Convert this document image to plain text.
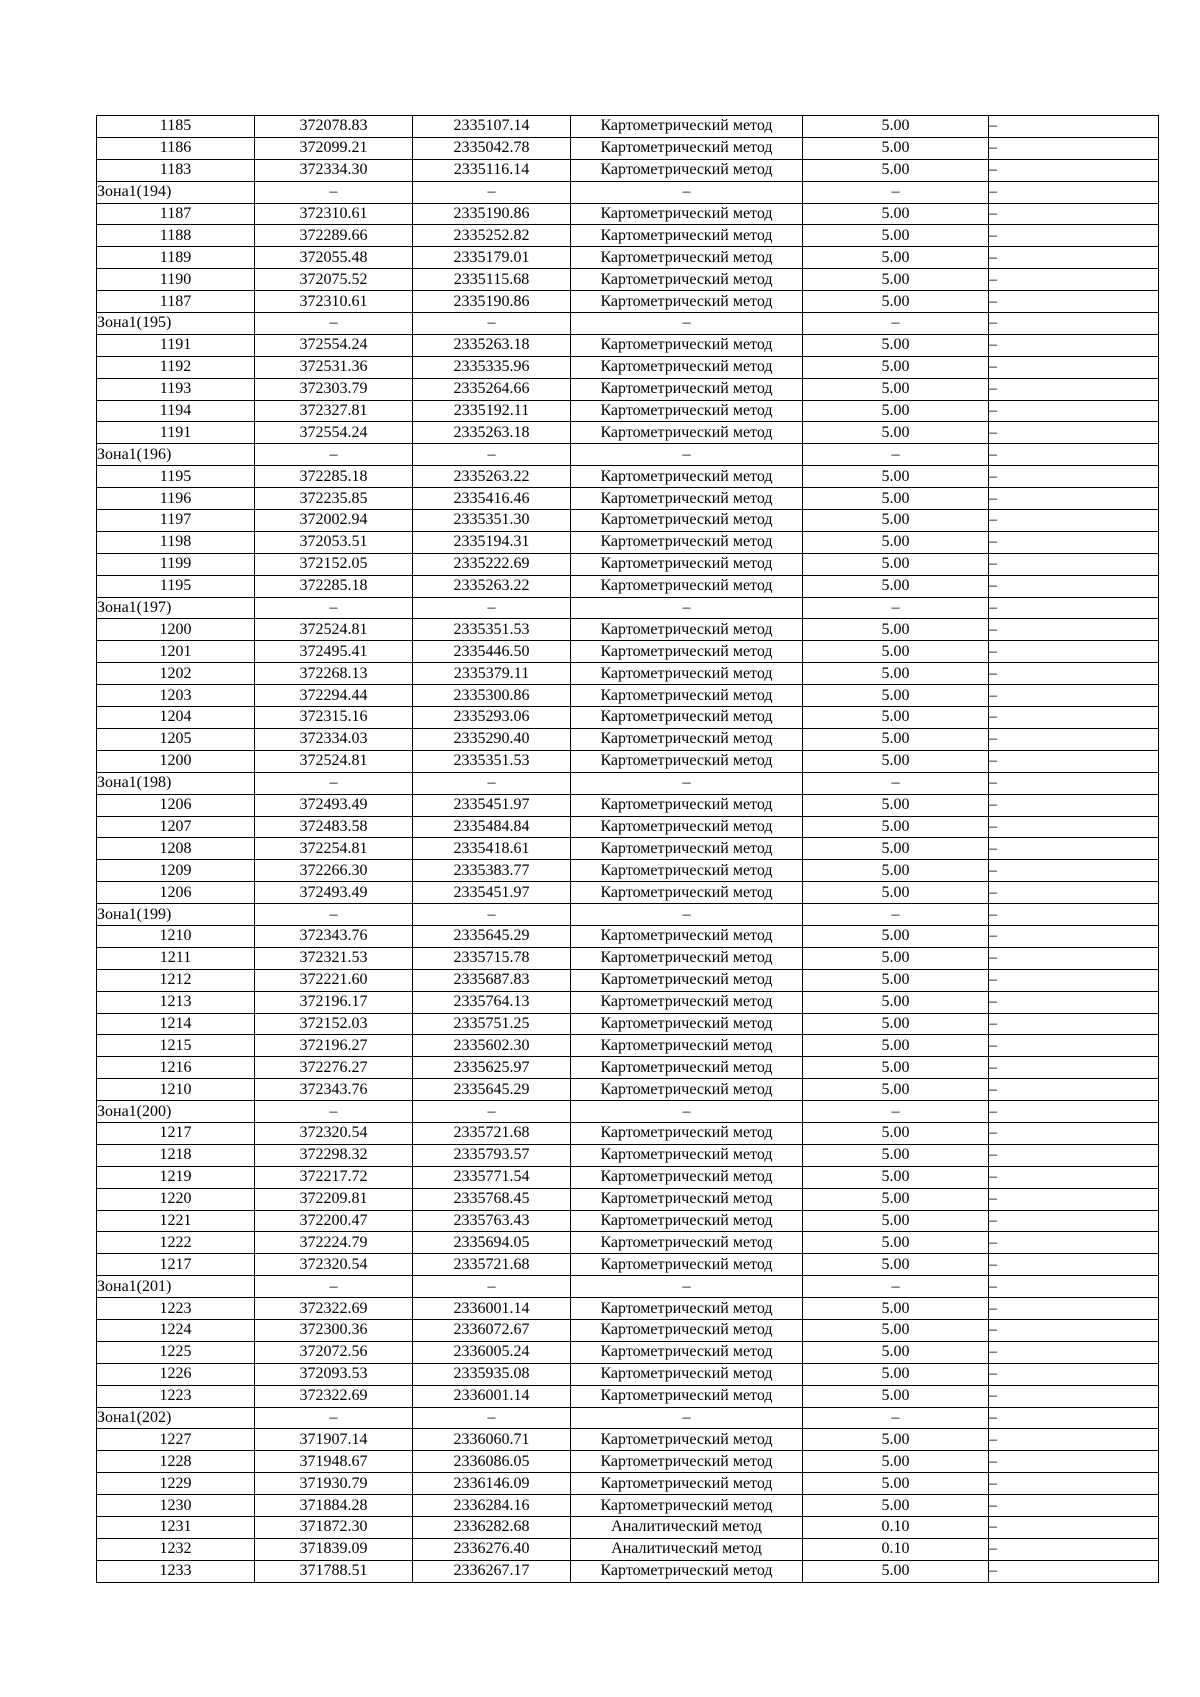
1185	372078.83	2335107.14	Картометрический метод	5.00	–
1186	372099.21	2335042.78	Картометрический метод	5.00	–
1183	372334.30	2335116.14	Картометрический метод	5.00	–
Зона1(194)	–	–	–	–	–
1187	372310.61	2335190.86	Картометрический метод	5.00	–
1188	372289.66	2335252.82	Картометрический метод	5.00	–
1189	372055.48	2335179.01	Картометрический метод	5.00	–
1190	372075.52	2335115.68	Картометрический метод	5.00	–
1187	372310.61	2335190.86	Картометрический метод	5.00	–
Зона1(195)	–	–	–	–	–
1191	372554.24	2335263.18	Картометрический метод	5.00	–
1192	372531.36	2335335.96	Картометрический метод	5.00	–
1193	372303.79	2335264.66	Картометрический метод	5.00	–
1194	372327.81	2335192.11	Картометрический метод	5.00	–
1191	372554.24	2335263.18	Картометрический метод	5.00	–
Зона1(196)	–	–	–	–	–
1195	372285.18	2335263.22	Картометрический метод	5.00	–
1196	372235.85	2335416.46	Картометрический метод	5.00	–
1197	372002.94	2335351.30	Картометрический метод	5.00	–
1198	372053.51	2335194.31	Картометрический метод	5.00	–
1199	372152.05	2335222.69	Картометрический метод	5.00	–
1195	372285.18	2335263.22	Картометрический метод	5.00	–
Зона1(197)	–	–	–	–	–
1200	372524.81	2335351.53	Картометрический метод	5.00	–
1201	372495.41	2335446.50	Картометрический метод	5.00	–
1202	372268.13	2335379.11	Картометрический метод	5.00	–
1203	372294.44	2335300.86	Картометрический метод	5.00	–
1204	372315.16	2335293.06	Картометрический метод	5.00	–
1205	372334.03	2335290.40	Картометрический метод	5.00	–
1200	372524.81	2335351.53	Картометрический метод	5.00	–
Зона1(198)	–	–	–	–	–
1206	372493.49	2335451.97	Картометрический метод	5.00	–
1207	372483.58	2335484.84	Картометрический метод	5.00	–
1208	372254.81	2335418.61	Картометрический метод	5.00	–
1209	372266.30	2335383.77	Картометрический метод	5.00	–
1206	372493.49	2335451.97	Картометрический метод	5.00	–
Зона1(199)	–	–	–	–	–
1210	372343.76	2335645.29	Картометрический метод	5.00	–
1211	372321.53	2335715.78	Картометрический метод	5.00	–
1212	372221.60	2335687.83	Картометрический метод	5.00	–
1213	372196.17	2335764.13	Картометрический метод	5.00	–
1214	372152.03	2335751.25	Картометрический метод	5.00	–
1215	372196.27	2335602.30	Картометрический метод	5.00	–
1216	372276.27	2335625.97	Картометрический метод	5.00	–
1210	372343.76	2335645.29	Картометрический метод	5.00	–
Зона1(200)	–	–	–	–	–
1217	372320.54	2335721.68	Картометрический метод	5.00	–
1218	372298.32	2335793.57	Картометрический метод	5.00	–
1219	372217.72	2335771.54	Картометрический метод	5.00	–
1220	372209.81	2335768.45	Картометрический метод	5.00	–
1221	372200.47	2335763.43	Картометрический метод	5.00	–
1222	372224.79	2335694.05	Картометрический метод	5.00	–
1217	372320.54	2335721.68	Картометрический метод	5.00	–
Зона1(201)	–	–	–	–	–
1223	372322.69	2336001.14	Картометрический метод	5.00	–
1224	372300.36	2336072.67	Картометрический метод	5.00	–
1225	372072.56	2336005.24	Картометрический метод	5.00	–
1226	372093.53	2335935.08	Картометрический метод	5.00	–
1223	372322.69	2336001.14	Картометрический метод	5.00	–
Зона1(202)	–	–	–	–	–
1227	371907.14	2336060.71	Картометрический метод	5.00	–
1228	371948.67	2336086.05	Картометрический метод	5.00	–
1229	371930.79	2336146.09	Картометрический метод	5.00	–
1230	371884.28	2336284.16	Картометрический метод	5.00	–
1231	371872.30	2336282.68	Аналитический метод	0.10	–
1232	371839.09	2336276.40	Аналитический метод	0.10	–
1233	371788.51	2336267.17	Картометрический метод	5.00	–
